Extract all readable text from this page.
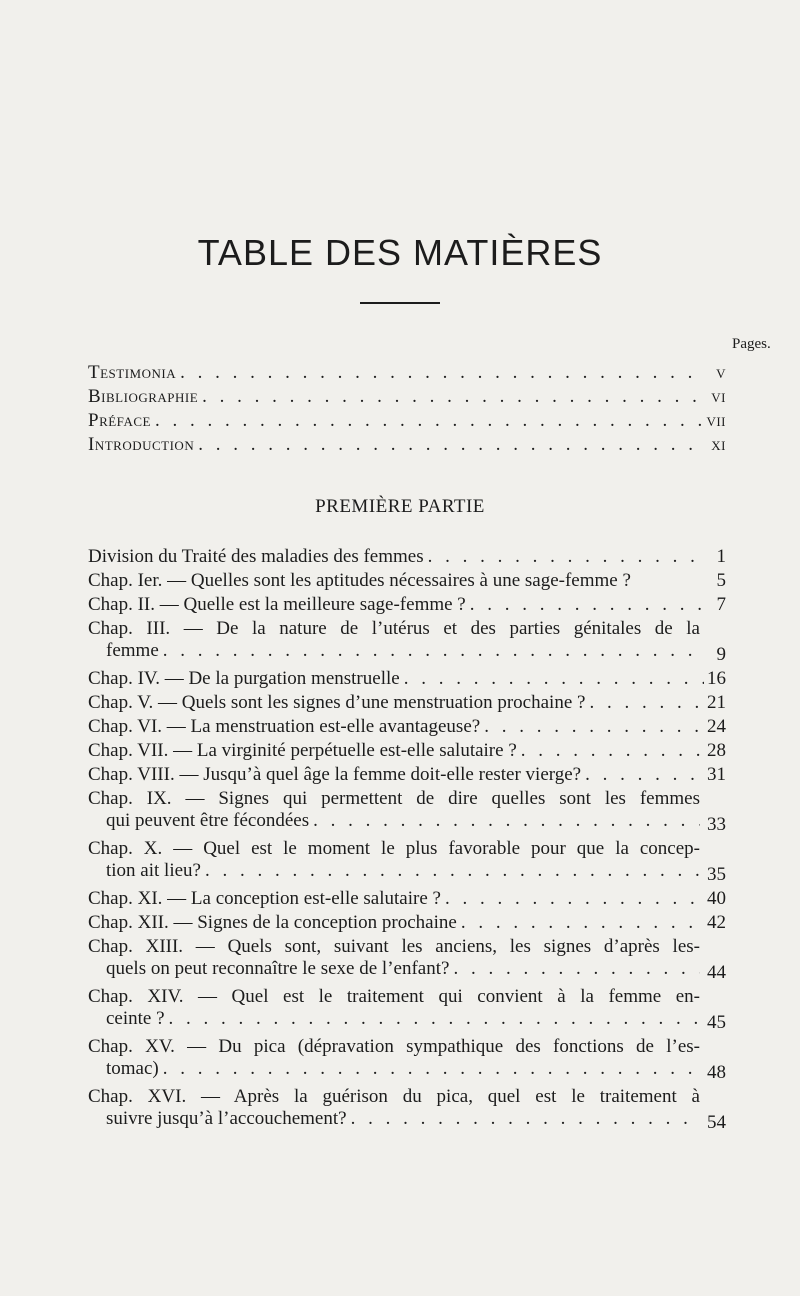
TABLE DES MATIÈRES
Pages.
Testimonia . . .	v
Bibliographie . . .	vi
Préface . . .	vii
Introduction . . .	xi
PREMIÈRE PARTIE
Division du Traité des maladies des femmes . . .	1
Chap. Ier. — Quelles sont les aptitudes nécessaires à une sage-femme ?	5
Chap. II. — Quelle est la meilleure sage-femme ? . . .	7
Chap. III. — De la nature de l’utérus et des parties génitales de la
femme . . .	9
Chap. IV. — De la purgation menstruelle . . .	16
Chap. V. — Quels sont les signes d’une menstruation prochaine ? . . .	21
Chap. VI. — La menstruation est-elle avantageuse? . . .	24
Chap. VII. — La virginité perpétuelle est-elle salutaire ? . . .	28
Chap. VIII. — Jusqu’à quel âge la femme doit-elle rester vierge? . . .	31
Chap. IX. — Signes qui permettent de dire quelles sont les femmes
qui peuvent être fécondées . . .	33
Chap. X. — Quel est le moment le plus favorable pour que la concep-
tion ait lieu? . . .	35
Chap. XI. — La conception est-elle salutaire ? . . .	40
Chap. XII. — Signes de la conception prochaine . . .	42
Chap. XIII. — Quels sont, suivant les anciens, les signes d’après les-
quels on peut reconnaître le sexe de l’enfant? . . .	44
Chap. XIV. — Quel est le traitement qui convient à la femme en-
ceinte ? . . .	45
Chap. XV. — Du pica (dépravation sympathique des fonctions de l’es-
tomac) . . .	48
Chap. XVI. — Après la guérison du pica, quel est le traitement à
suivre jusqu’à l’accouchement? . . .	54
